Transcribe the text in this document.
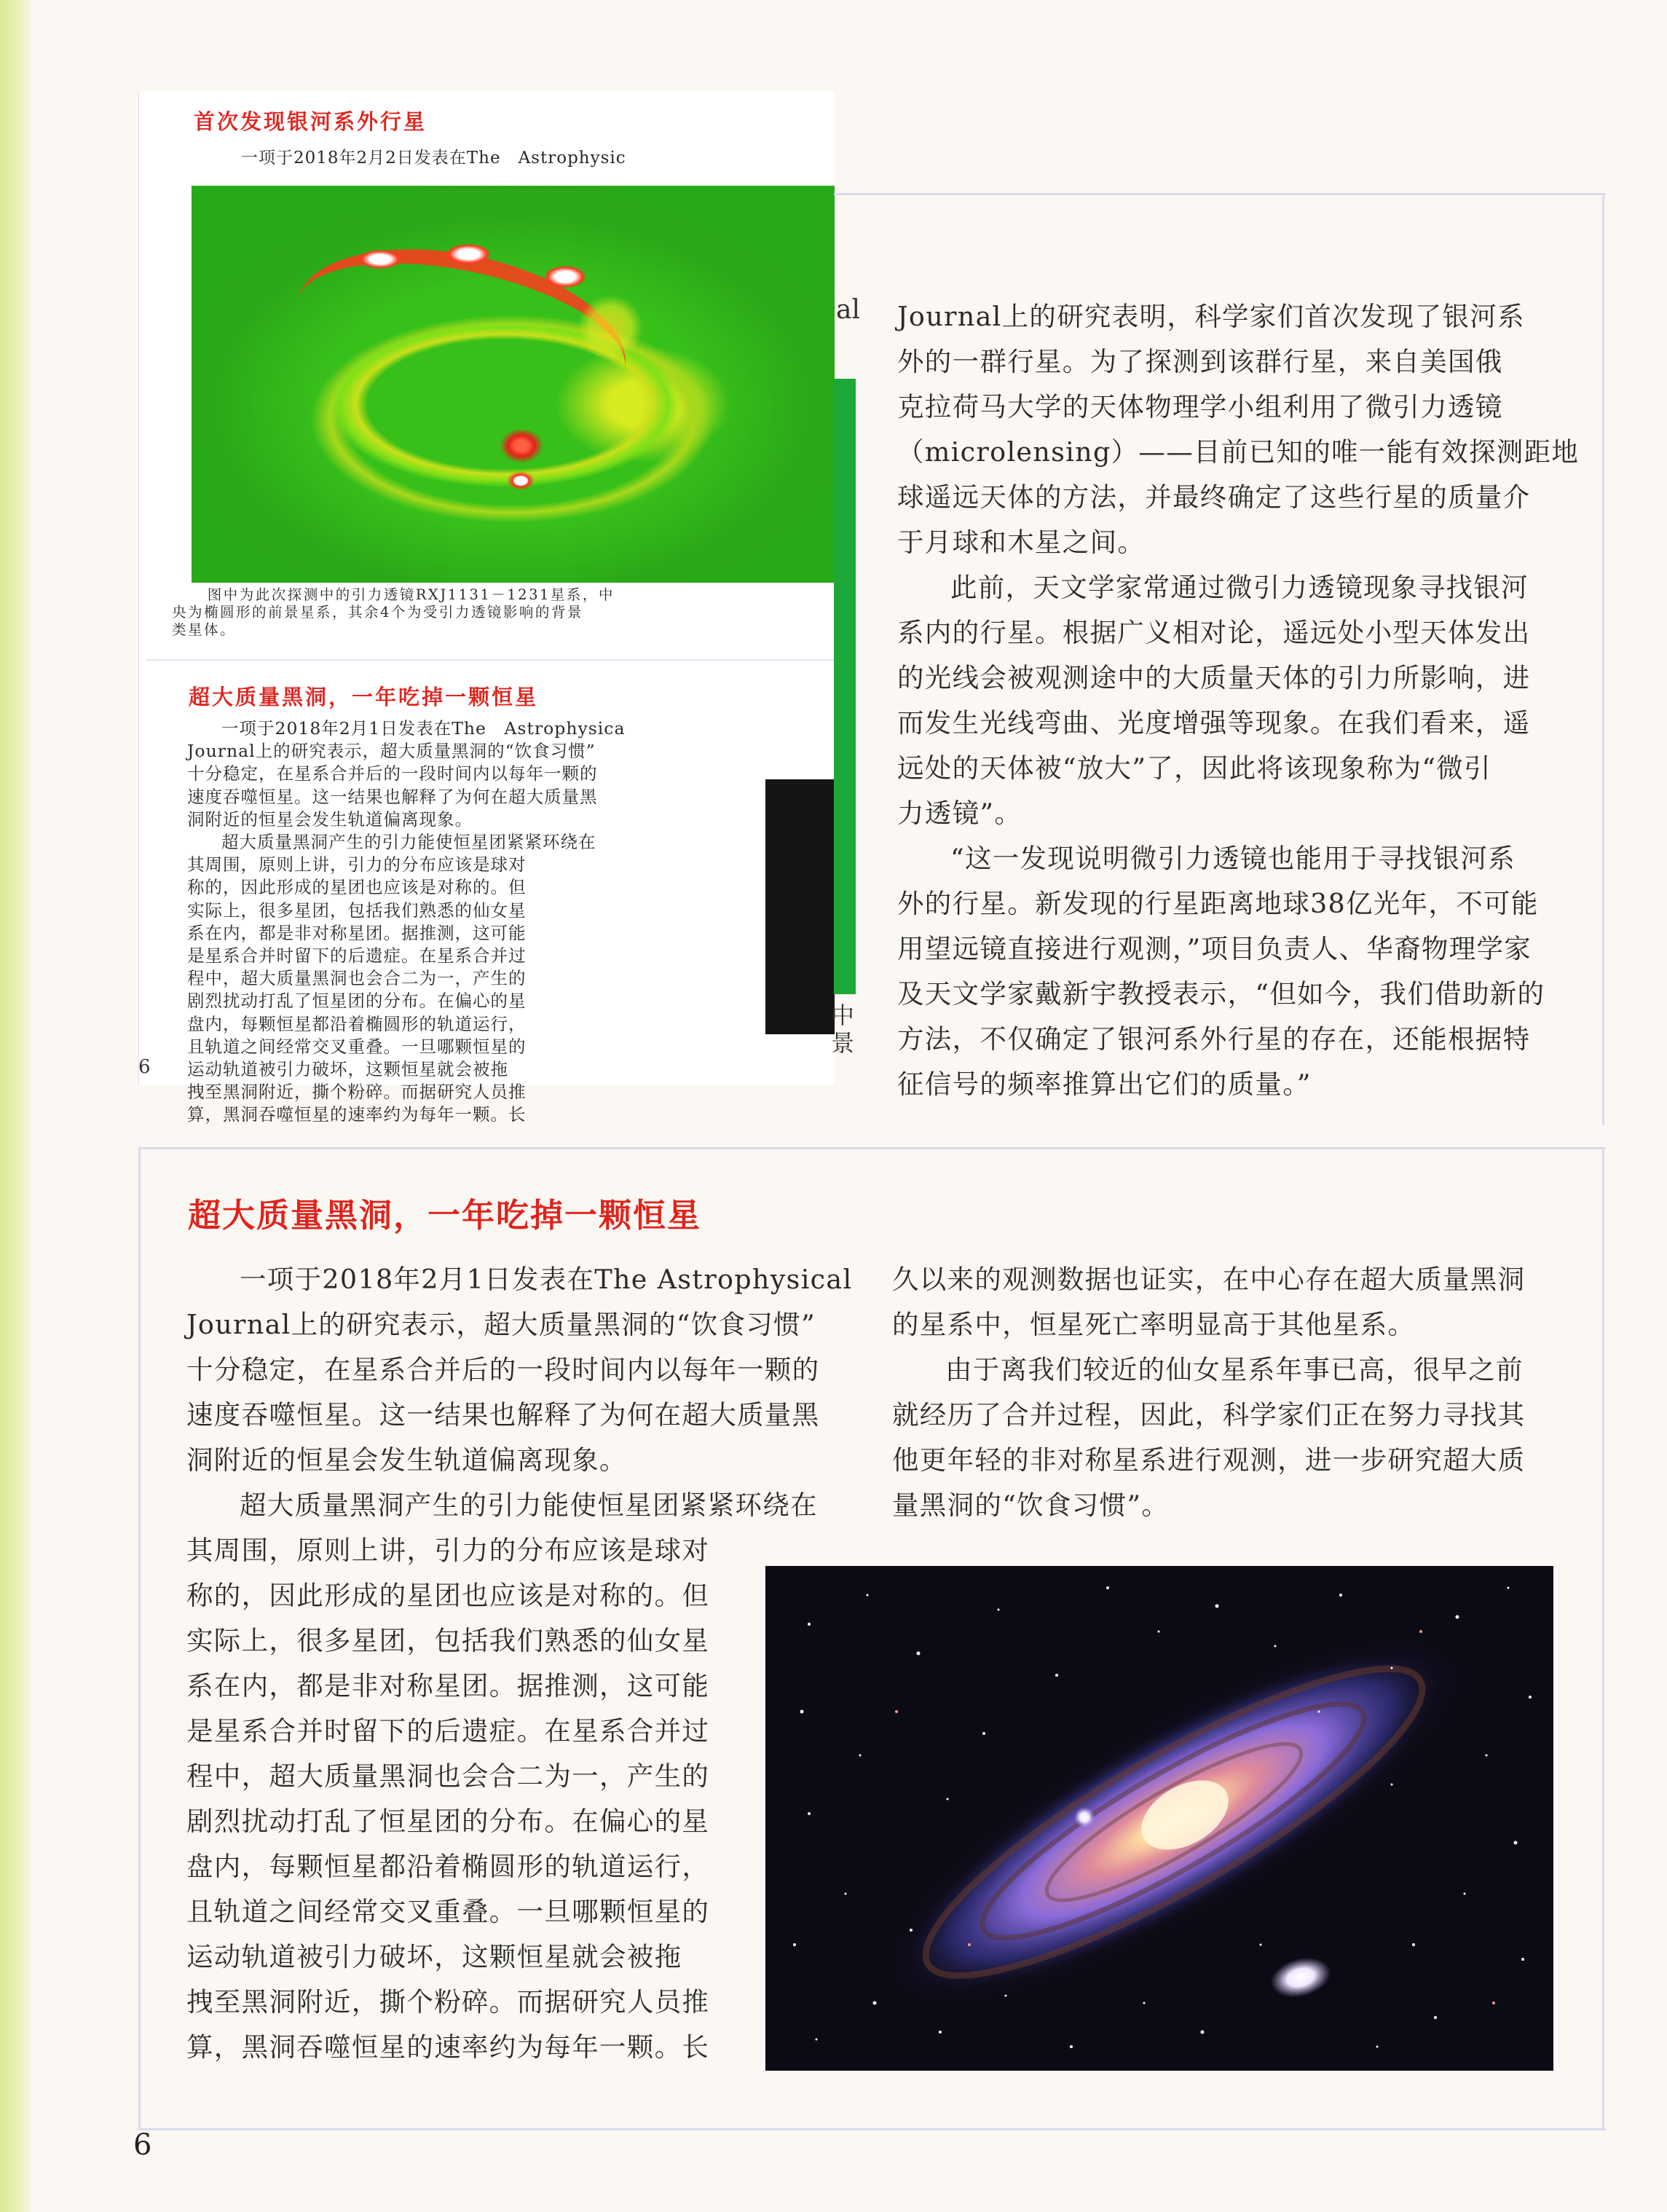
首次发现银河系外行星
一项于2018年2月2日发表在The　Astrophysic
图中为此次探测中的引力透镜RXJ1131－1231星系，中
央为椭圆形的前景星系，其余4个为受引力透镜影响的背景
类星体。
超大质量黑洞，一年吃掉一颗恒星
一项于2018年2月1日发表在The　Astrophysica
Journal上的研究表示，超大质量黑洞的“饮食习惯”
十分稳定，在星系合并后的一段时间内以每年一颗的
速度吞噬恒星。这一结果也解释了为何在超大质量黑
洞附近的恒星会发生轨道偏离现象。
超大质量黑洞产生的引力能使恒星团紧紧环绕在
其周围，原则上讲，引力的分布应该是球对
称的，因此形成的星团也应该是对称的。但
实际上，很多星团，包括我们熟悉的仙女星
系在内，都是非对称星团。据推测，这可能
是星系合并时留下的后遗症。在星系合并过
程中，超大质量黑洞也会合二为一，产生的
剧烈扰动打乱了恒星团的分布。在偏心的星
盘内，每颗恒星都沿着椭圆形的轨道运行，
且轨道之间经常交叉重叠。一旦哪颗恒星的
运动轨道被引力破坏，这颗恒星就会被拖
拽至黑洞附近，撕个粉碎。而据研究人员推
算，黑洞吞噬恒星的速率约为每年一颗。长
6
al
中
景
Journal上的研究表明，科学家们首次发现了银河系
外的一群行星。为了探测到该群行星，来自美国俄
克拉荷马大学的天体物理学小组利用了微引力透镜
（microlensing）——目前已知的唯一能有效探测距地
球遥远天体的方法，并最终确定了这些行星的质量介
于月球和木星之间。
此前，天文学家常通过微引力透镜现象寻找银河
系内的行星。根据广义相对论，遥远处小型天体发出
的光线会被观测途中的大质量天体的引力所影响，进
而发生光线弯曲、光度增强等现象。在我们看来，遥
远处的天体被“放大”了，因此将该现象称为“微引
力透镜”。
“这一发现说明微引力透镜也能用于寻找银河系
外的行星。新发现的行星距离地球38亿光年，不可能
用望远镜直接进行观测，”项目负责人、华裔物理学家
及天文学家戴新宇教授表示，“但如今，我们借助新的
方法，不仅确定了银河系外行星的存在，还能根据特
征信号的频率推算出它们的质量。”
超大质量黑洞，一年吃掉一颗恒星
一项于2018年2月1日发表在The Astrophysical
Journal上的研究表示，超大质量黑洞的“饮食习惯”
十分稳定，在星系合并后的一段时间内以每年一颗的
速度吞噬恒星。这一结果也解释了为何在超大质量黑
洞附近的恒星会发生轨道偏离现象。
超大质量黑洞产生的引力能使恒星团紧紧环绕在
其周围，原则上讲，引力的分布应该是球对
称的，因此形成的星团也应该是对称的。但
实际上，很多星团，包括我们熟悉的仙女星
系在内，都是非对称星团。据推测，这可能
是星系合并时留下的后遗症。在星系合并过
程中，超大质量黑洞也会合二为一，产生的
剧烈扰动打乱了恒星团的分布。在偏心的星
盘内，每颗恒星都沿着椭圆形的轨道运行，
且轨道之间经常交叉重叠。一旦哪颗恒星的
运动轨道被引力破坏，这颗恒星就会被拖
拽至黑洞附近，撕个粉碎。而据研究人员推
算，黑洞吞噬恒星的速率约为每年一颗。长
久以来的观测数据也证实，在中心存在超大质量黑洞
的星系中，恒星死亡率明显高于其他星系。
由于离我们较近的仙女星系年事已高，很早之前
就经历了合并过程，因此，科学家们正在努力寻找其
他更年轻的非对称星系进行观测，进一步研究超大质
量黑洞的“饮食习惯”。
6
